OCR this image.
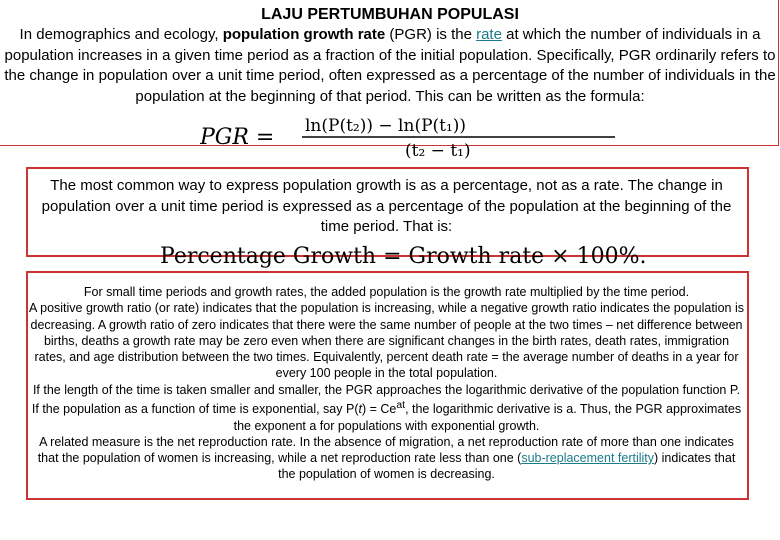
LAJU PERTUMBUHAN POPULASI
In demographics and ecology, population growth rate (PGR) is the rate at which the number of individuals in a population increases in a given time period as a fraction of the initial population. Specifically, PGR ordinarily refers to the change in population over a unit time period, often expressed as a percentage of the number of individuals in the population at the beginning of that period. This can be written as the formula:
PGR = ln(P(t₂)) − ln(P(t₁))
(t₂ − t₁)
The most common way to express population growth is as a percentage, not as a rate. The change in population over a unit time period is expressed as a percentage of the population at the beginning of the time period. That is:
Percentage Growth = Growth rate × 100%.
For small time periods and growth rates, the added population is the growth rate multiplied by the time period.
A positive growth ratio (or rate) indicates that the population is increasing, while a negative growth ratio indicates the population is decreasing. A growth ratio of zero indicates that there were the same number of people at the two times – net difference between births, deaths a growth rate may be zero even when there are significant changes in the birth rates, death rates, immigration rates, and age distribution between the two times. Equivalently, percent death rate = the average number of deaths in a year for every 100 people in the total population.
If the length of the time is taken smaller and smaller, the PGR approaches the logarithmic derivative of the population function P. If the population as a function of time is exponential, say $P(t) = Ce^{at}$, the logarithmic derivative is a. Thus, the PGR approximates the exponent a for populations with exponential growth.
A related measure is the net reproduction rate. In the absence of migration, a net reproduction rate of more than one indicates that the population of women is increasing, while a net reproduction rate less than one (sub-replacement fertility) indicates that the population of women is decreasing.
